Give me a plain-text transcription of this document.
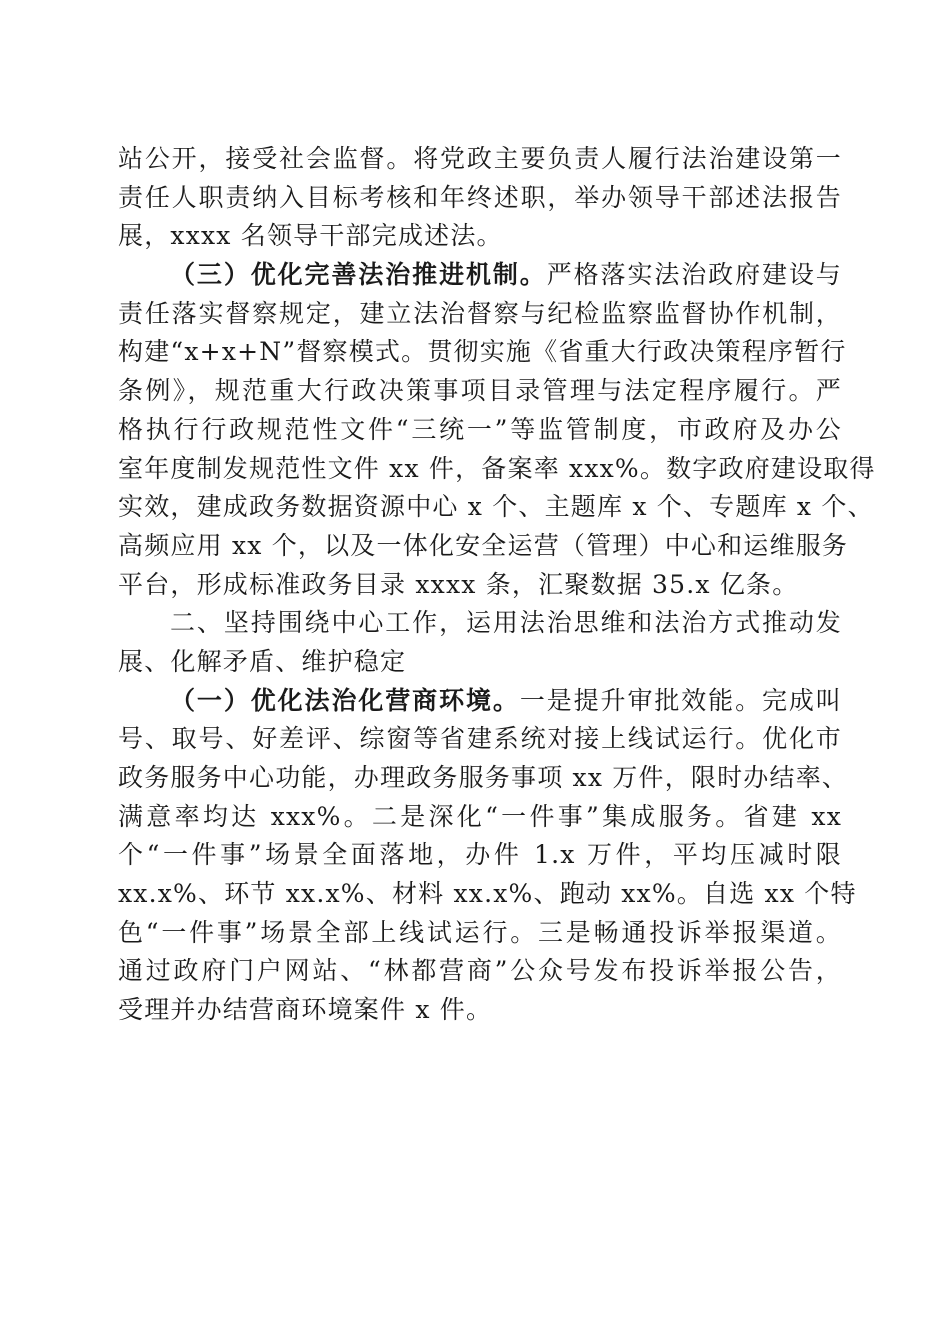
站公开，接受社会监督。将党政主要负责人履行法治建设第一
责任人职责纳入目标考核和年终述职，举办领导干部述法报告
展，xxxx 名领导干部完成述法。
（三）优化完善法治推进机制。严格落实法治政府建设与
责任落实督察规定，建立法治督察与纪检监察监督协作机制，
构建“x+x+N”督察模式。贯彻实施《省重大行政决策程序暂行
条例》，规范重大行政决策事项目录管理与法定程序履行。严
格执行行政规范性文件“三统一”等监管制度，市政府及办公
室年度制发规范性文件 xx 件，备案率 xxx%。数字政府建设取得
实效，建成政务数据资源中心 x 个、主题库 x 个、专题库 x 个、
高频应用 xx 个，以及一体化安全运营（管理）中心和运维服务
平台，形成标准政务目录 xxxx 条，汇聚数据 35.x 亿条。
二、坚持围绕中心工作，运用法治思维和法治方式推动发
展、化解矛盾、维护稳定
（一）优化法治化营商环境。一是提升审批效能。完成叫
号、取号、好差评、综窗等省建系统对接上线试运行。优化市
政务服务中心功能，办理政务服务事项 xx 万件，限时办结率、
满意率均达 xxx%。二是深化“一件事”集成服务。省建 xx
个“一件事”场景全面落地，办件 1.x 万件，平均压减时限
xx.x%、环节 xx.x%、材料 xx.x%、跑动 xx%。自选 xx 个特
色“一件事”场景全部上线试运行。三是畅通投诉举报渠道。
通过政府门户网站、“林都营商”公众号发布投诉举报公告，
受理并办结营商环境案件 x 件。
